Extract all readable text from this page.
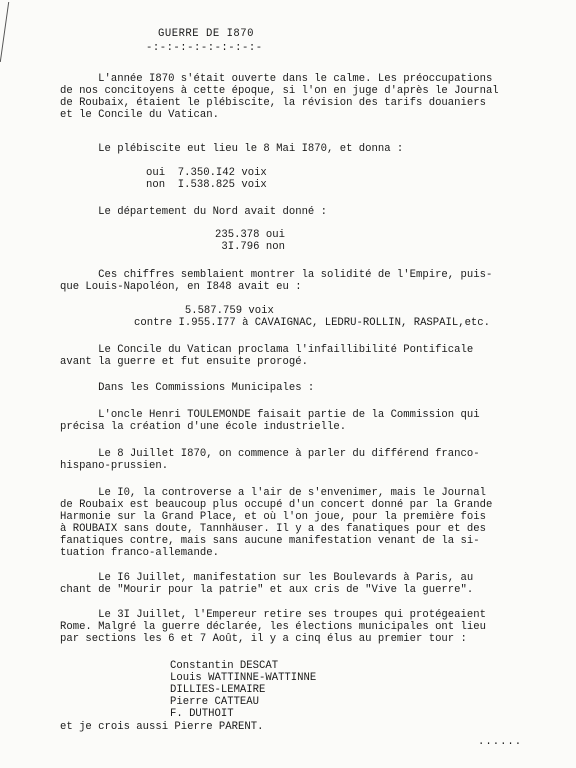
GUERRE DE I870
-:-:-:-:-:-:-:-:-
L'année I870 s'était ouverte dans le calme. Les préoccupations
de nos concitoyens à cette époque, si l'on en juge d'après le Journal
de Roubaix, étaient le plébiscite, la révision des tarifs douaniers
et le Concile du Vatican.
Le plébiscite eut lieu le 8 Mai I870, et donna :
oui  7.350.I42 voix
non  I.538.825 voix
Le département du Nord avait donné :
235.378 oui
3I.796 non
Ces chiffres semblaient montrer la solidité de l'Empire, puis-
que Louis-Napoléon, en I848 avait eu :
5.587.759 voix
contre I.955.I77 à CAVAIGNAC, LEDRU-ROLLIN, RASPAIL,etc.
Le Concile du Vatican proclama l'infaillibilité Pontificale
avant la guerre et fut ensuite prorogé.
Dans les Commissions Municipales :
L'oncle Henri TOULEMONDE faisait partie de la Commission qui
précisa la création d'une école industrielle.
Le 8 Juillet I870, on commence à parler du différend franco-
hispano-prussien.
Le I0, la controverse a l'air de s'envenimer, mais le Journal
de Roubaix est beaucoup plus occupé d'un concert donné par la Grande
Harmonie sur la Grand Place, et où l'on joue, pour la première fois
à ROUBAIX sans doute, Tannhäuser. Il y a des fanatiques pour et des
fanatiques contre, mais sans aucune manifestation venant de la si-
tuation franco-allemande.
Le I6 Juillet, manifestation sur les Boulevards à Paris, au
chant de "Mourir pour la patrie" et aux cris de "Vive la guerre".
Le 3I Juillet, l'Empereur retire ses troupes qui protégeaient
Rome. Malgré la guerre déclarée, les élections municipales ont lieu
par sections les 6 et 7 Août, il y a cinq élus au premier tour :
Constantin DESCAT
Louis WATTINNE-WATTINNE
DILLIES-LEMAIRE
Pierre CATTEAU
F. DUTHOIT
et je crois aussi Pierre PARENT.
......
